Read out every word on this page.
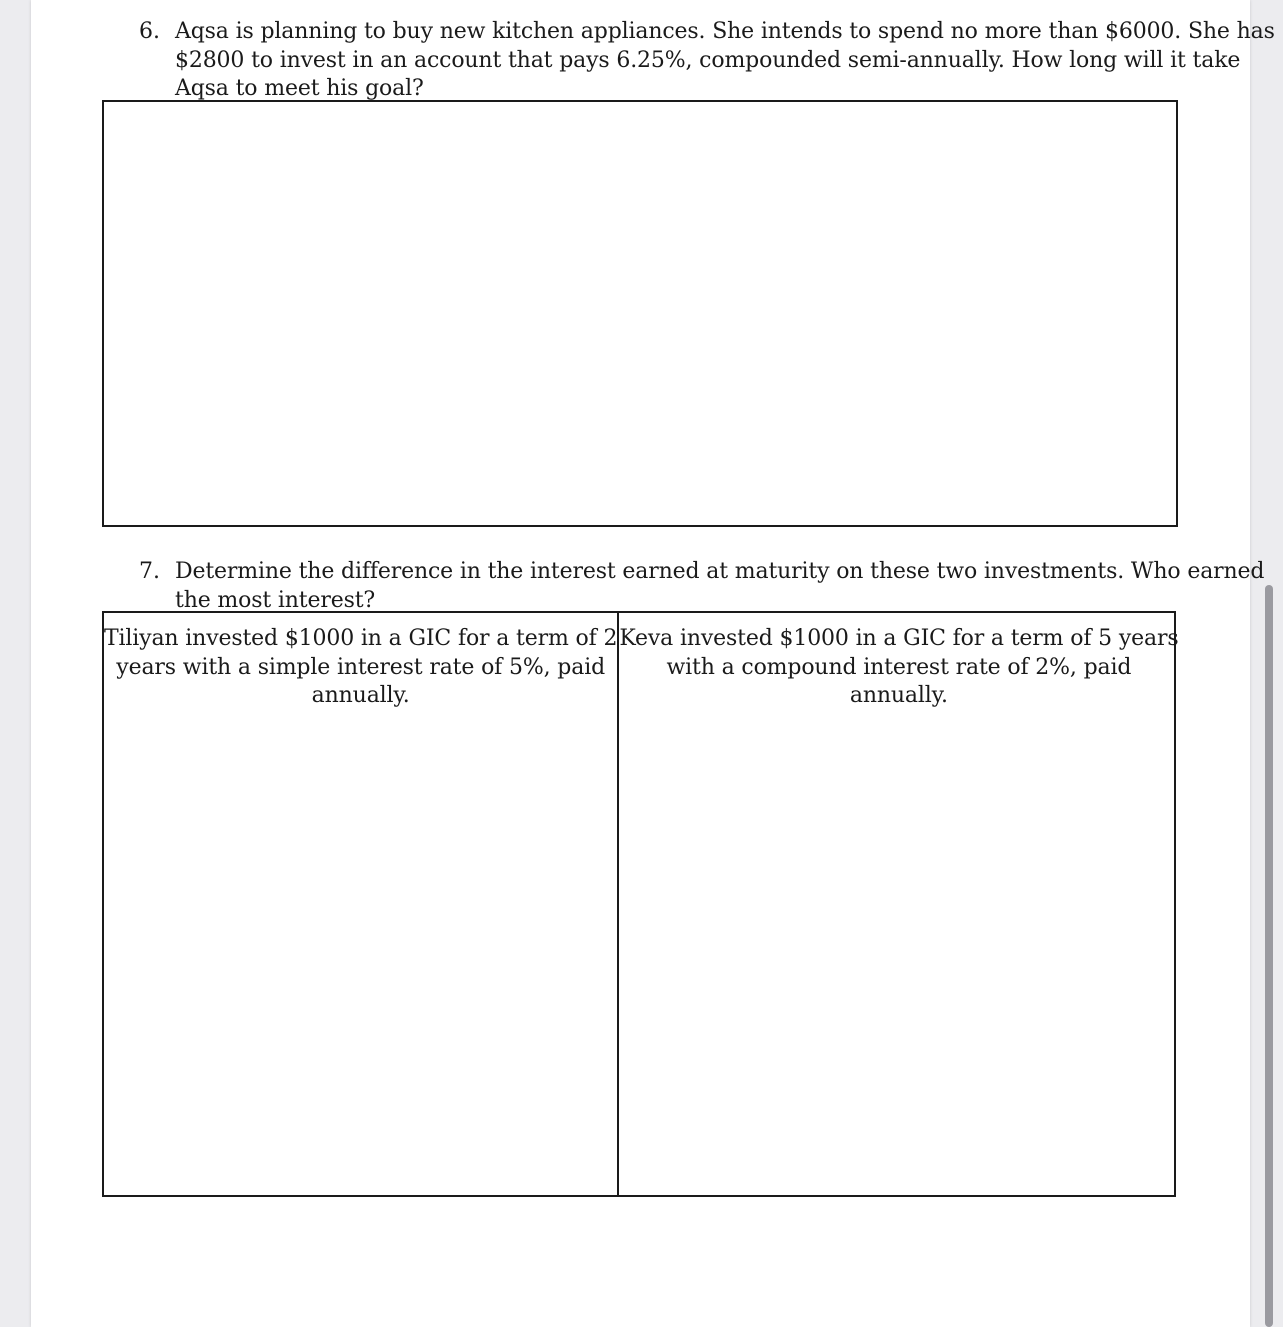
6. Aqsa is planning to buy new kitchen appliances. She intends to spend no more than $6000. She has
$2800 to invest in an account that pays 6.25%, compounded semi-annually. How long will it take
Aqsa to meet his goal?
7. Determine the difference in the interest earned at maturity on these two investments. Who earned
the most interest?
Tiliyan invested $1000 in a GIC for a term of 2
years with a simple interest rate of 5%, paid
annually.
Keva invested $1000 in a GIC for a term of 5 years
with a compound interest rate of 2%, paid
annually.
